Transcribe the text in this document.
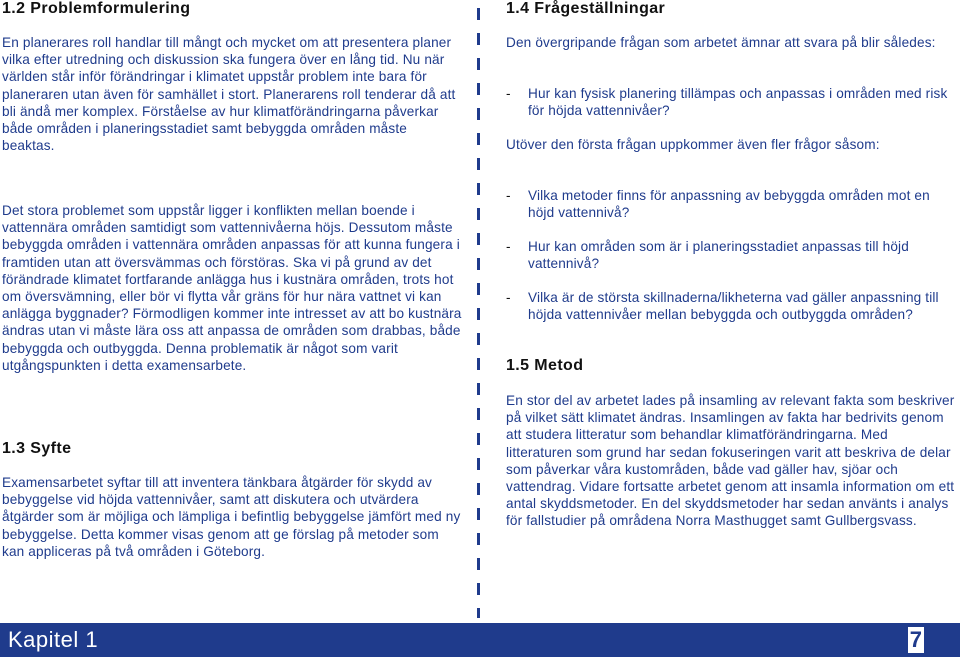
1.2 Problemformulering

En planerares roll handlar till mångt och mycket om att presentera planer vilka efter utredning och diskussion ska fungera över en lång tid. Nu när världen står inför förändringar i klimatet uppstår problem inte bara för planeraren utan även för samhället i stort. Planerarens roll tenderar då att bli ändå mer komplex. Förståelse av hur klimatförändringarna påverkar både områden i planeringsstadiet samt bebyggda områden måste beaktas.

Det stora problemet som uppstår ligger i konflikten mellan boende i vattennära områden samtidigt som vattennivåerna höjs. Dessutom måste bebyggda områden i vattennära områden anpassas för att kunna fungera i framtiden utan att översvämmas och förstöras. Ska vi på grund av det förändrade klimatet fortfarande anlägga hus i kustnära områden, trots hot om översvämning, eller bör vi flytta vår gräns för hur nära vattnet vi kan anlägga byggnader? Förmodligen kommer inte intresset av att bo kustnära ändras utan vi måste lära oss att anpassa de områden som drabbas, både bebyggda och outbyggda. Denna problematik är något som varit utgångspunkten i detta examensarbete.

1.3 Syfte

Examensarbetet syftar till att inventera tänkbara åtgärder för skydd av bebyggelse vid höjda vattennivåer, samt att diskutera och utvärdera åtgärder som är möjliga och lämpliga i befintlig bebyggelse jämfört med ny bebyggelse. Detta kommer visas genom att ge förslag på metoder som kan appliceras på två områden i Göteborg.

1.4 Frågeställningar

Den övergripande frågan som arbetet ämnar att svara på blir således:

- Hur kan fysisk planering tillämpas och anpassas i områden med risk för höjda vattennivåer?

Utöver den första frågan uppkommer även fler frågor såsom:

- Vilka metoder finns för anpassning av bebyggda områden mot en höjd vattennivå?
- Hur kan områden som är i planeringsstadiet anpassas till höjd vattennivå?
- Vilka är de största skillnaderna/likheterna vad gäller anpassning till höjda vattennivåer mellan bebyggda och outbyggda områden?
1.5 Metod

En stor del av arbetet lades på insamling av relevant fakta som beskriver på vilket sätt klimatet ändras. Insamlingen av fakta har bedrivits genom att studera litteratur som behandlar klimatförändringarna. Med litteraturen som grund har sedan fokuseringen varit att beskriva de delar som påverkar våra kustområden, både vad gäller hav, sjöar och vattendrag. Vidare fortsatte arbetet genom att insamla information om ett antal skyddsmetoder. En del skyddsmetoder har sedan använts i analys för fallstudier på områdena Norra Masthugget samt Gullbergsvass.

Kapitel 1	7
